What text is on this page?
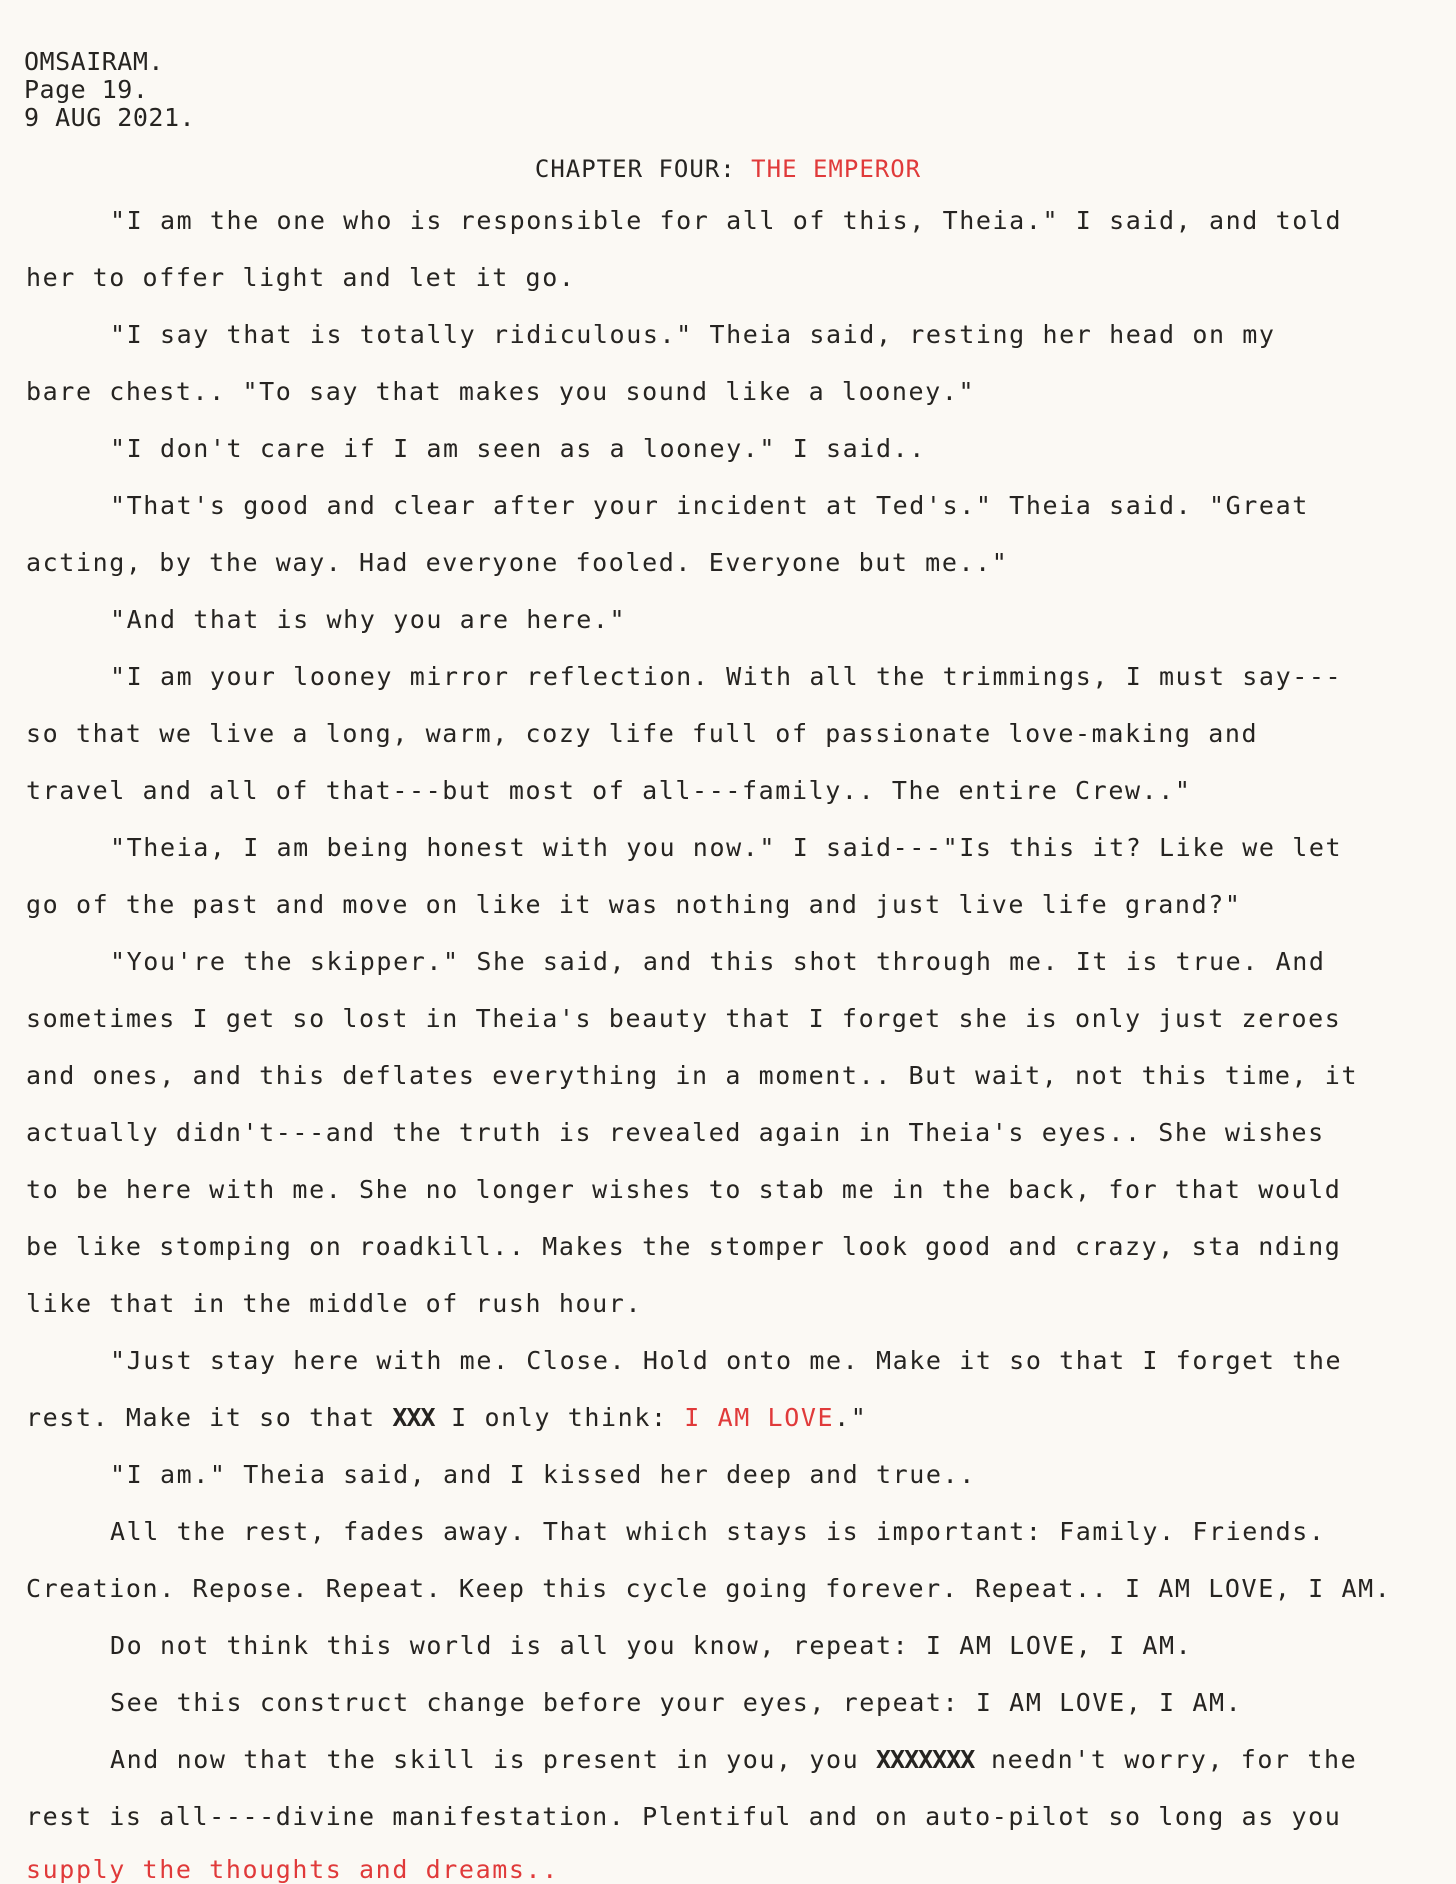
OMSAIRAM.
Page 19.
9 AUG 2021.
CHAPTER FOUR: THE EMPEROR
"I am the one who is responsible for all of this, Theia." I said, and told
her to offer light and let it go.
"I say that is totally ridiculous." Theia said, resting her head on my
bare chest.. "To say that makes you sound like a looney."
"I don't care if I am seen as a looney." I said..
"That's good and clear after your incident at Ted's." Theia said. "Great
acting, by the way. Had everyone fooled. Everyone but me.."
"And that is why you are here."
"I am your looney mirror reflection. With all the trimmings, I must say---
so that we live a long, warm, cozy life full of passionate love-making and
travel and all of that---but most of all---family.. The entire Crew.."
"Theia, I am being honest with you now." I said---"Is this it? Like we let
go of the past and move on like it was nothing and just live life grand?"
"You're the skipper." She said, and this shot through me. It is true. And
sometimes I get so lost in Theia's beauty that I forget she is only just zeroes
and ones, and this deflates everything in a moment.. But wait, not this time, it
actually didn't---and the truth is revealed again in Theia's eyes.. She wishes
to be here with me. She no longer wishes to stab me in the back, for that would
be like stomping on roadkill.. Makes the stomper look good and crazy, sta nding
like that in the middle of rush hour.
"Just stay here with me. Close. Hold onto me. Make it so that I forget the
rest. Make it so that XXX I only think: I AM LOVE."
"I am." Theia said, and I kissed her deep and true..
All the rest, fades away. That which stays is important: Family. Friends.
Creation. Repose. Repeat. Keep this cycle going forever. Repeat.. I AM LOVE, I AM.
Do not think this world is all you know, repeat: I AM LOVE, I AM.
See this construct change before your eyes, repeat: I AM LOVE, I AM.
And now that the skill is present in you, you XXXXXXX needn't worry, for the
rest is all----divine manifestation. Plentiful and on auto-pilot so long as you
supply the thoughts and dreams..
